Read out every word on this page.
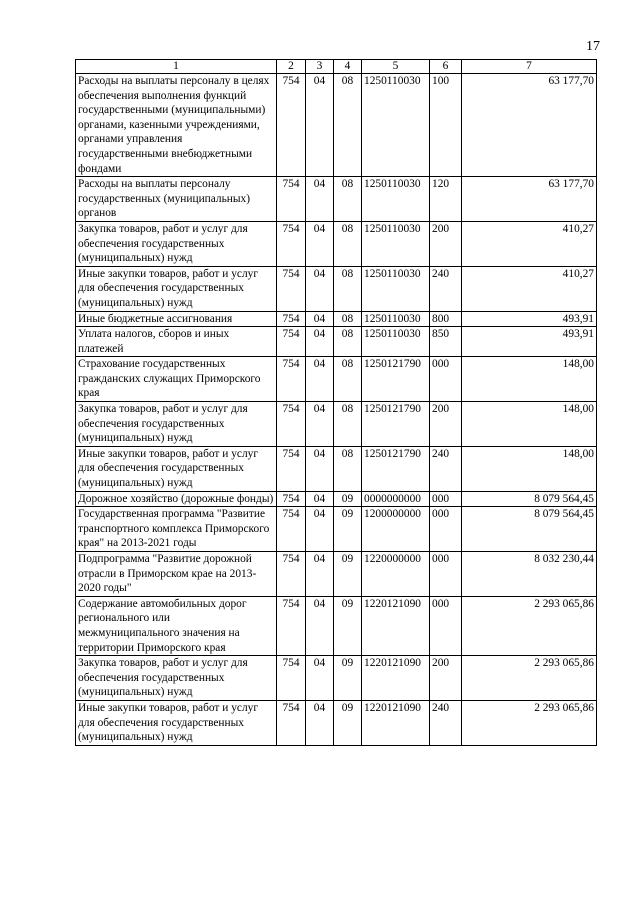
17
1	2	3	4	5	6	7
Расходы на выплаты персоналу в целях обеспечения выполнения функций государственными (муниципальными) органами, казенными учреждениями, органами управления государственными внебюджетными фондами	754	04	08	1250110030	100	63 177,70
Расходы на выплаты персоналу государственных (муниципальных) органов	754	04	08	1250110030	120	63 177,70
Закупка товаров, работ и услуг для обеспечения государственных (муниципальных) нужд	754	04	08	1250110030	200	410,27
Иные закупки товаров, работ и услуг для обеспечения государственных (муниципальных) нужд	754	04	08	1250110030	240	410,27
Иные бюджетные ассигнования	754	04	08	1250110030	800	493,91
Уплата налогов, сборов и иных платежей	754	04	08	1250110030	850	493,91
Страхование государственных гражданских служащих Приморского края	754	04	08	1250121790	000	148,00
Закупка товаров, работ и услуг для обеспечения государственных (муниципальных) нужд	754	04	08	1250121790	200	148,00
Иные закупки товаров, работ и услуг для обеспечения государственных (муниципальных) нужд	754	04	08	1250121790	240	148,00
Дорожное хозяйство (дорожные фонды)	754	04	09	0000000000	000	8 079 564,45
Государственная программа "Развитие транспортного комплекса Приморского края" на 2013-2021 годы	754	04	09	1200000000	000	8 079 564,45
Подпрограмма "Развитие дорожной отрасли в Приморском крае на 2013-2020 годы"	754	04	09	1220000000	000	8 032 230,44
Содержание автомобильных дорог регионального или межмуниципального значения на территории Приморского края	754	04	09	1220121090	000	2 293 065,86
Закупка товаров, работ и услуг для обеспечения государственных (муниципальных) нужд	754	04	09	1220121090	200	2 293 065,86
Иные закупки товаров, работ и услуг для обеспечения государственных (муниципальных) нужд	754	04	09	1220121090	240	2 293 065,86
